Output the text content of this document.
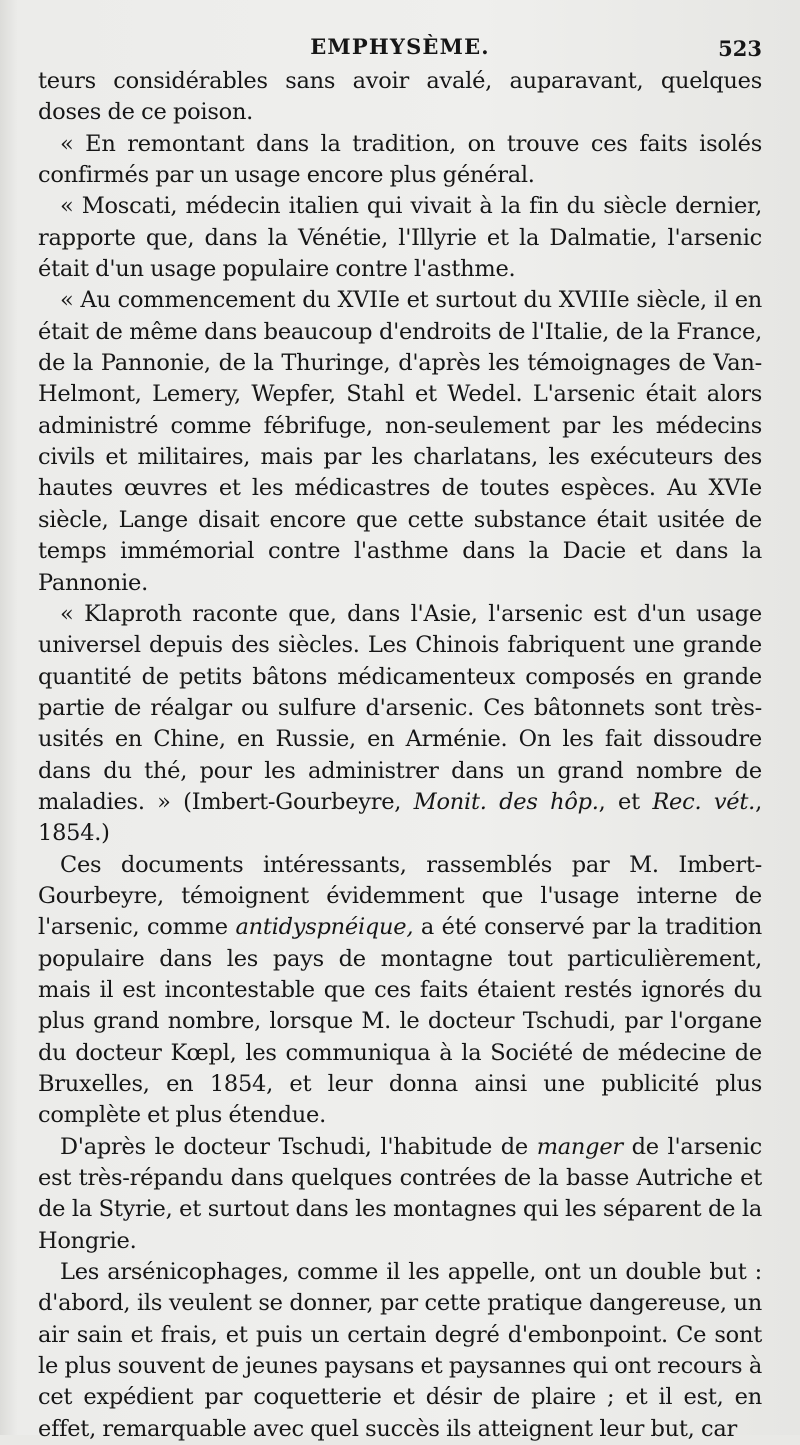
EMPHYSÈME.	523

teurs considérables sans avoir avalé, auparavant, quelques doses de ce poison.

« En remontant dans la tradition, on trouve ces faits isolés confirmés par un usage encore plus général.

« Moscati, médecin italien qui vivait à la fin du siècle dernier, rapporte que, dans la Vénétie, l'Illyrie et la Dalmatie, l'arsenic était d'un usage populaire contre l'asthme.

« Au commencement du XVIIe et surtout du XVIIIe siècle, il en était de même dans beaucoup d'endroits de l'Italie, de la France, de la Pannonie, de la Thuringe, d'après les témoignages de Van-Helmont, Lemery, Wepfer, Stahl et Wedel. L'arsenic était alors administré comme fébrifuge, non-seulement par les médecins civils et militaires, mais par les charlatans, les exécuteurs des hautes œuvres et les médicastres de toutes espèces. Au XVIe siècle, Lange disait encore que cette substance était usitée de temps immémorial contre l'asthme dans la Dacie et dans la Pannonie.

« Klaproth raconte que, dans l'Asie, l'arsenic est d'un usage universel depuis des siècles. Les Chinois fabriquent une grande quantité de petits bâtons médicamenteux composés en grande partie de réalgar ou sulfure d'arsenic. Ces bâtonnets sont très-usités en Chine, en Russie, en Arménie. On les fait dissoudre dans du thé, pour les administrer dans un grand nombre de maladies. » (Imbert-Gourbeyre, Monit. des hôp., et Rec. vét., 1854.)

Ces documents intéressants, rassemblés par M. Imbert-Gourbeyre, témoignent évidemment que l'usage interne de l'arsenic, comme antidyspnéique, a été conservé par la tradition populaire dans les pays de montagne tout particulièrement, mais il est incontestable que ces faits étaient restés ignorés du plus grand nombre, lorsque M. le docteur Tschudi, par l'organe du docteur Kœpl, les communiqua à la Société de médecine de Bruxelles, en 1854, et leur donna ainsi une publicité plus complète et plus étendue.

D'après le docteur Tschudi, l'habitude de manger de l'arsenic est très-répandu dans quelques contrées de la basse Autriche et de la Styrie, et surtout dans les montagnes qui les séparent de la Hongrie.

Les arsénicophages, comme il les appelle, ont un double but : d'abord, ils veulent se donner, par cette pratique dangereuse, un air sain et frais, et puis un certain degré d'embonpoint. Ce sont le plus souvent de jeunes paysans et paysannes qui ont recours à cet expédient par coquetterie et désir de plaire ; et il est, en effet, remarquable avec quel succès ils atteignent leur but, car
